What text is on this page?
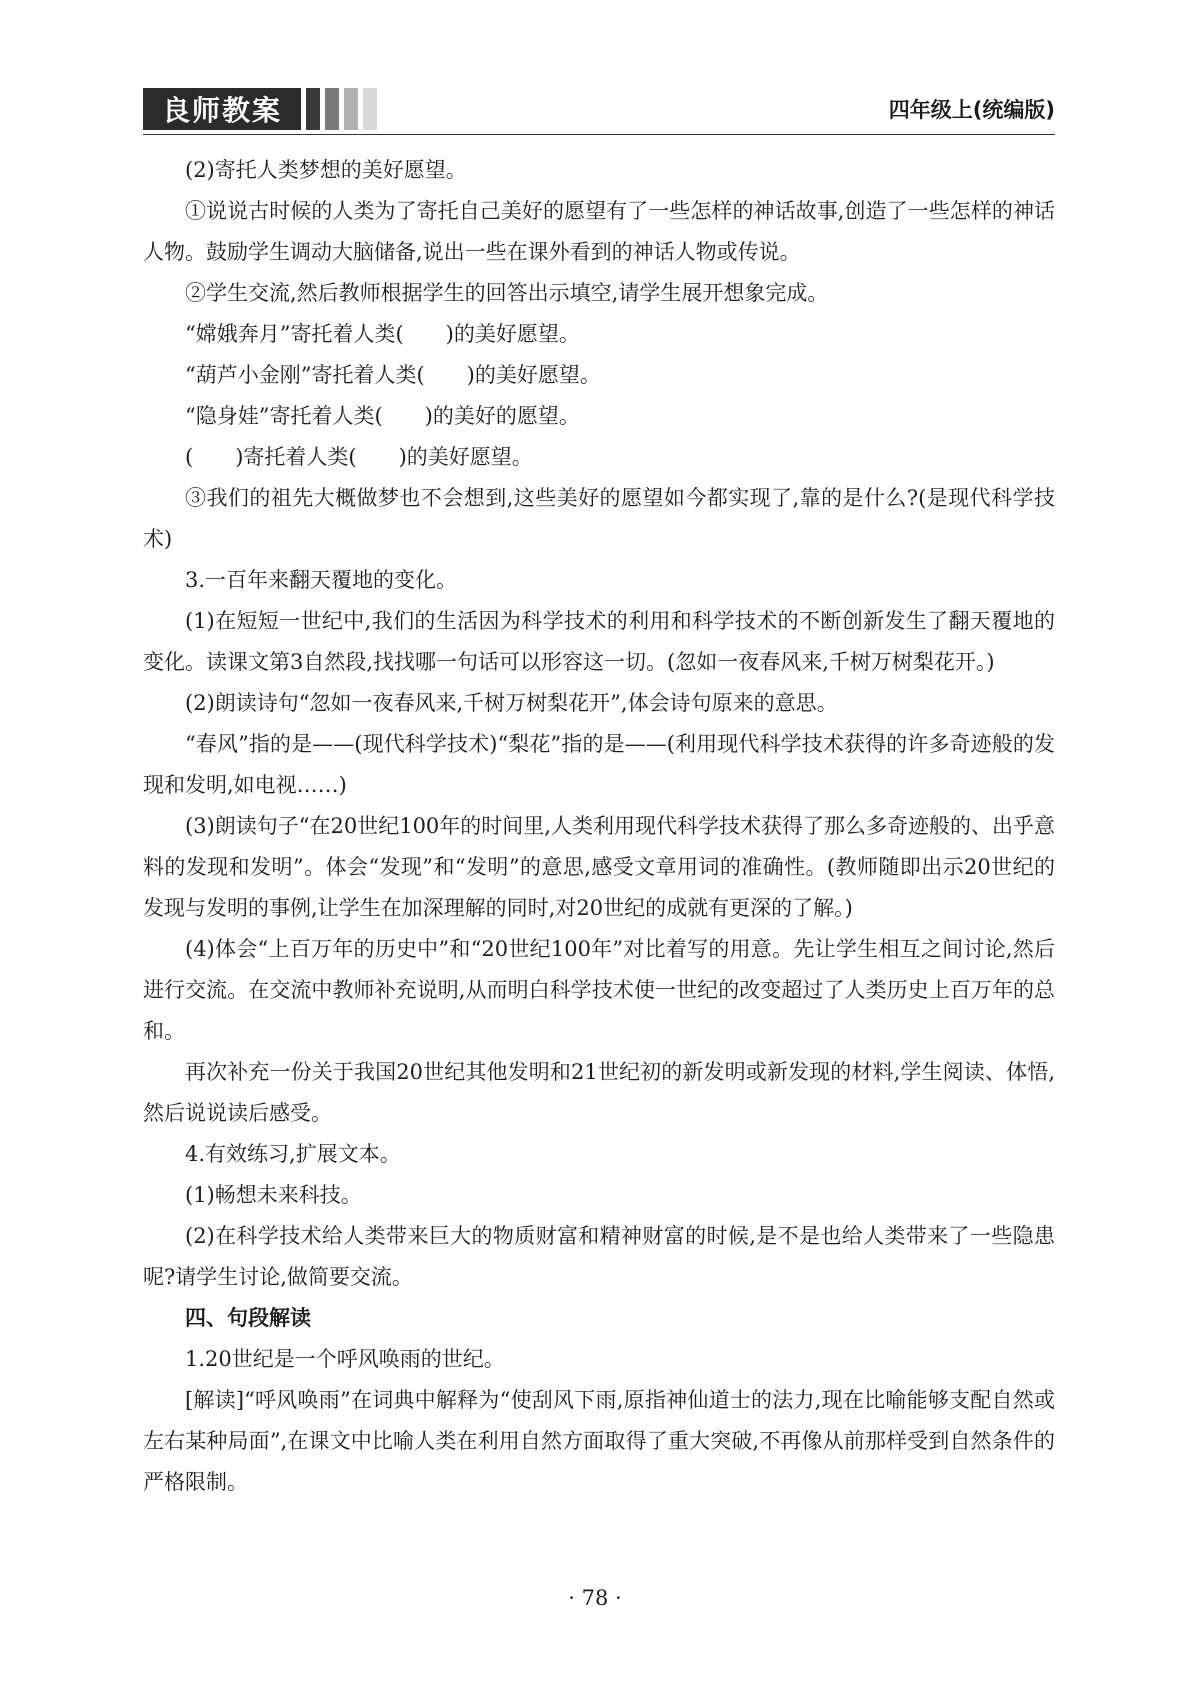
良师教案	四年级上(统编版)

(2)寄托人类梦想的美好愿望。

①说说古时候的人类为了寄托自己美好的愿望有了一些怎样的神话故事,创造了一些怎样的神话人物。鼓励学生调动大脑储备,说出一些在课外看到的神话人物或传说。

②学生交流,然后教师根据学生的回答出示填空,请学生展开想象完成。

“嫦娥奔月”寄托着人类(　　)的美好愿望。

“葫芦小金刚”寄托着人类(　　)的美好愿望。

“隐身娃”寄托着人类(　　)的美好的愿望。

(　　)寄托着人类(　　)的美好愿望。

③我们的祖先大概做梦也不会想到,这些美好的愿望如今都实现了,靠的是什么?(是现代科学技术)

3.一百年来翻天覆地的变化。

(1)在短短一世纪中,我们的生活因为科学技术的利用和科学技术的不断创新发生了翻天覆地的变化。读课文第3自然段,找找哪一句话可以形容这一切。(忽如一夜春风来,千树万树梨花开。)

(2)朗读诗句“忽如一夜春风来,千树万树梨花开”,体会诗句原来的意思。

“春风”指的是——(现代科学技术)“梨花”指的是——(利用现代科学技术获得的许多奇迹般的发现和发明,如电视……)

(3)朗读句子“在20世纪100年的时间里,人类利用现代科学技术获得了那么多奇迹般的、出乎意料的发现和发明”。体会“发现”和“发明”的意思,感受文章用词的准确性。(教师随即出示20世纪的发现与发明的事例,让学生在加深理解的同时,对20世纪的成就有更深的了解。)

(4)体会“上百万年的历史中”和“20世纪100年”对比着写的用意。先让学生相互之间讨论,然后进行交流。在交流中教师补充说明,从而明白科学技术使一世纪的改变超过了人类历史上百万年的总和。

再次补充一份关于我国20世纪其他发明和21世纪初的新发明或新发现的材料,学生阅读、体悟,然后说说读后感受。

4.有效练习,扩展文本。

(1)畅想未来科技。

(2)在科学技术给人类带来巨大的物质财富和精神财富的时候,是不是也给人类带来了一些隐患呢?请学生讨论,做简要交流。

四、句段解读

1.20世纪是一个呼风唤雨的世纪。

[解读]“呼风唤雨”在词典中解释为“使刮风下雨,原指神仙道士的法力,现在比喻能够支配自然或左右某种局面”,在课文中比喻人类在利用自然方面取得了重大突破,不再像从前那样受到自然条件的严格限制。

· 78 ·
